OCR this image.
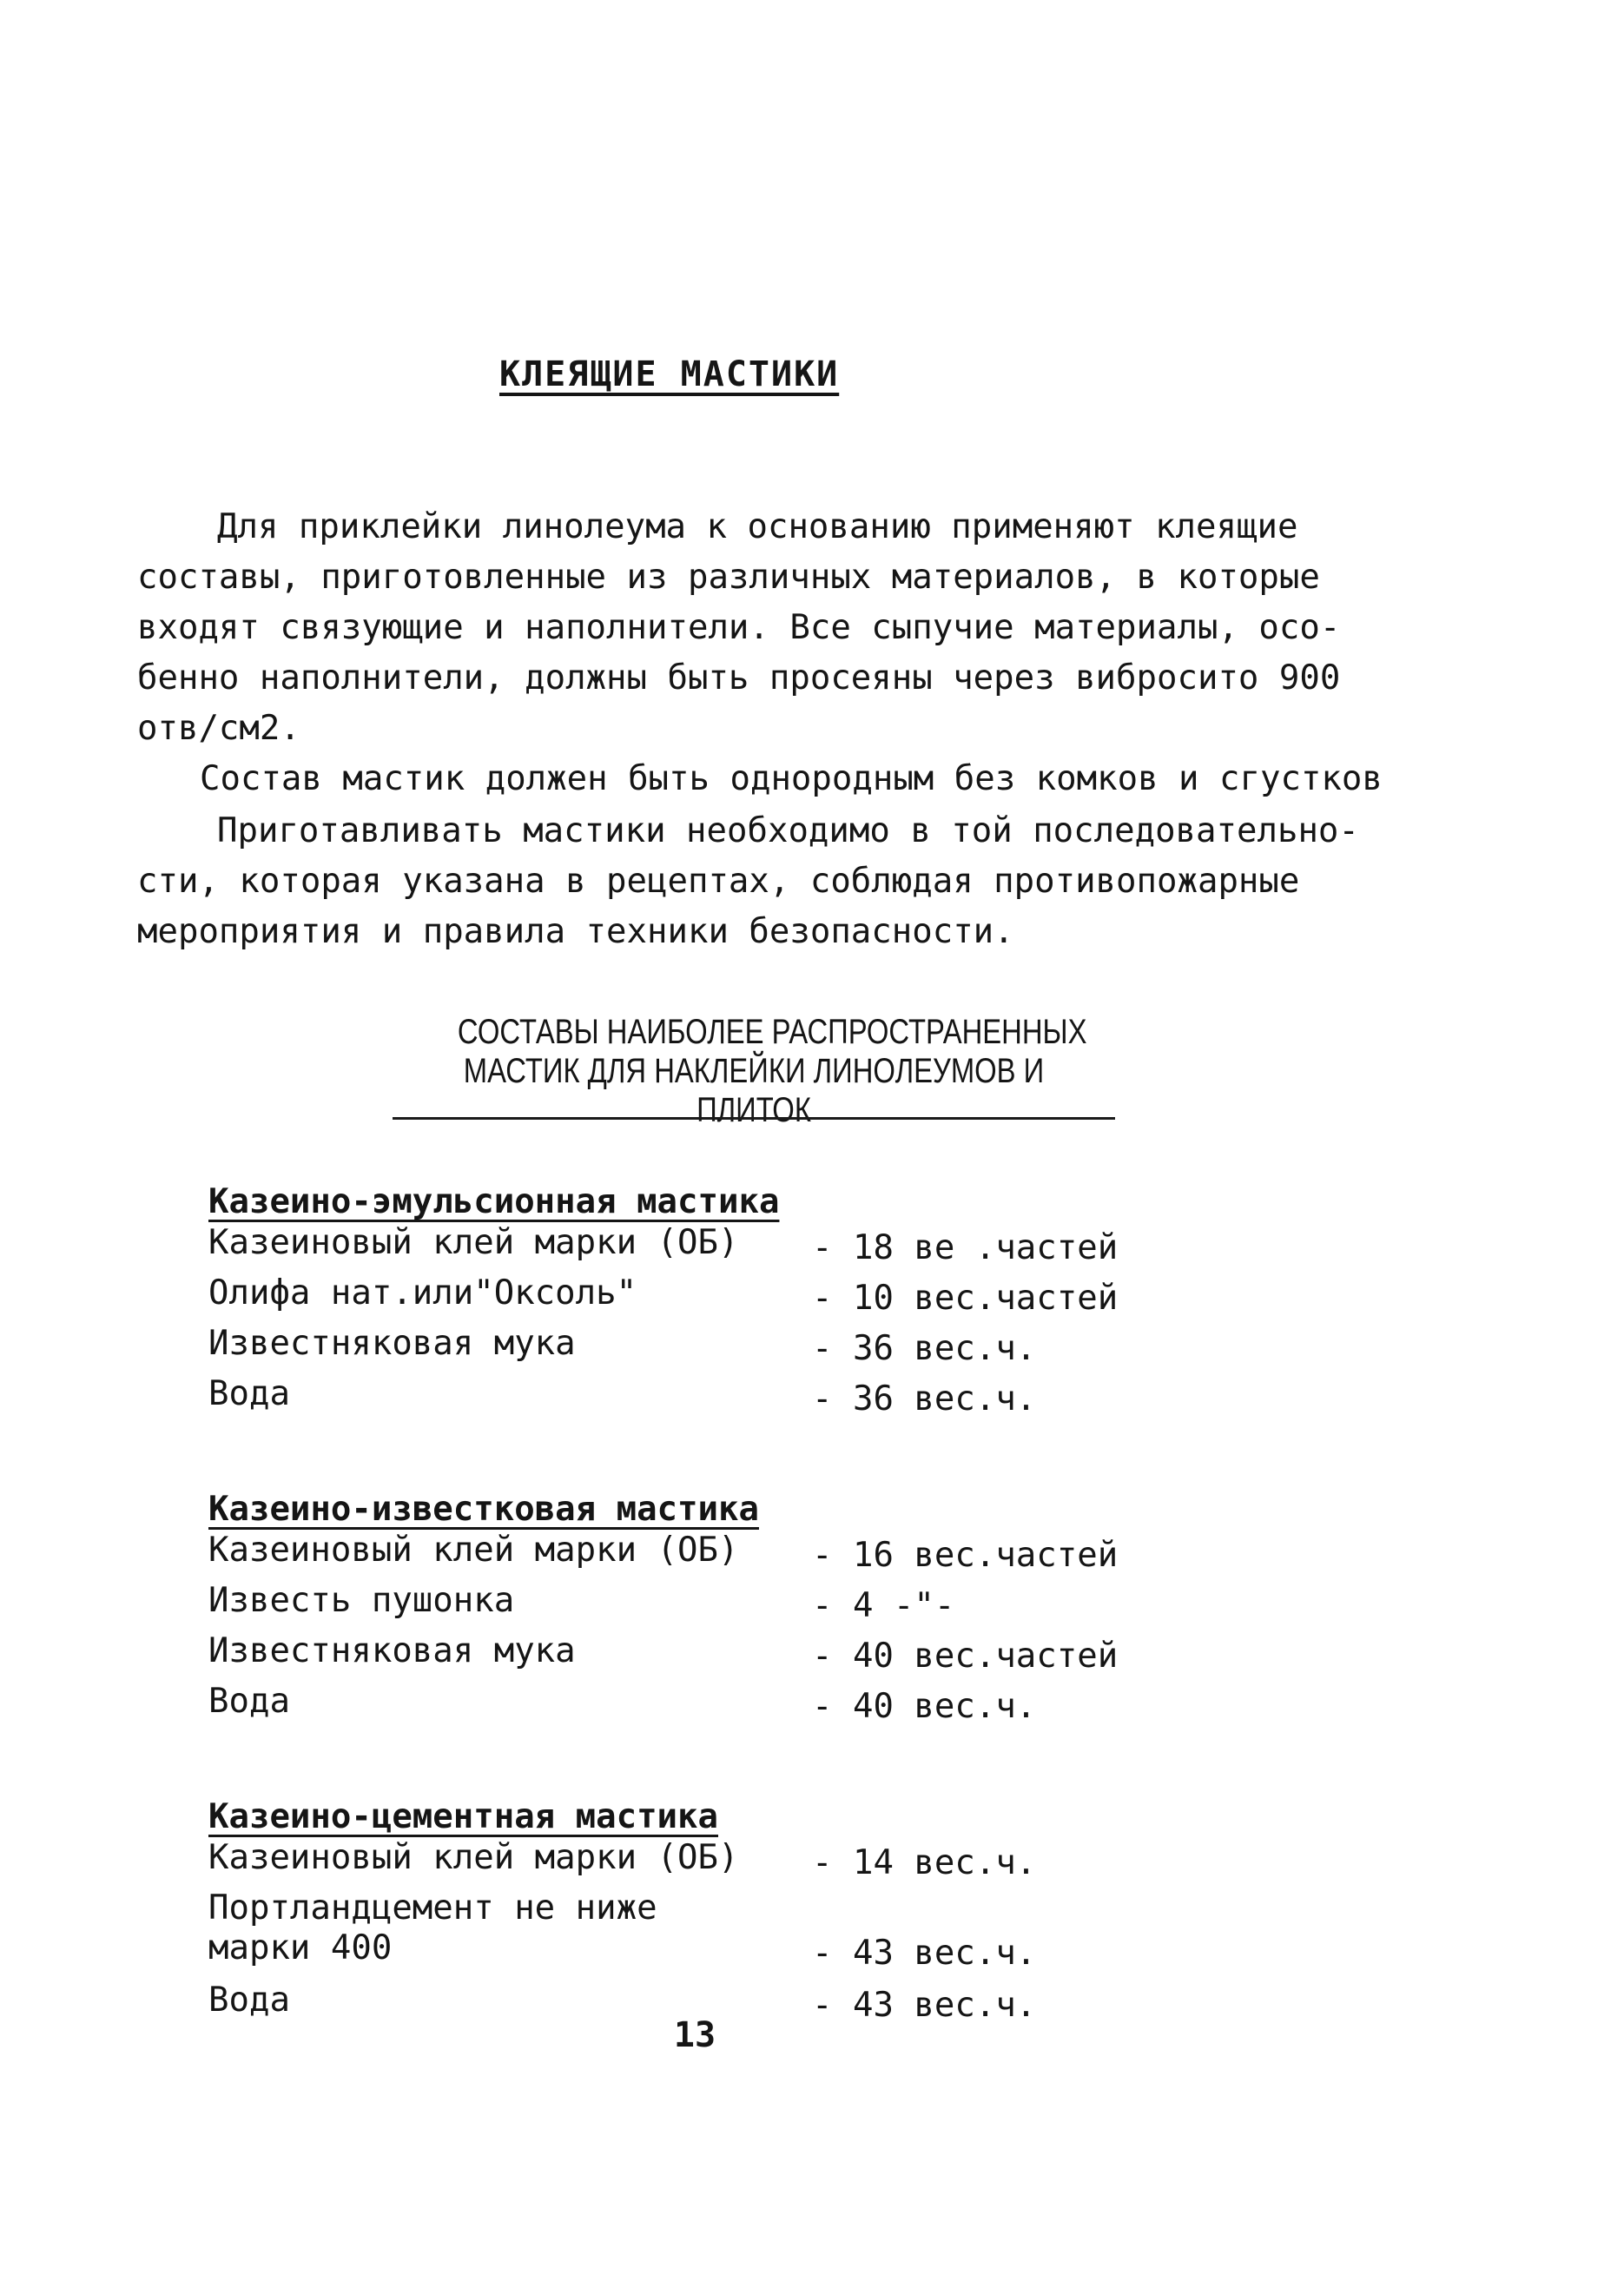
КЛЕЯЩИЕ МАСТИКИ
Для приклейки линолеума к основанию применяют клеящие
составы, приготовленные из различных материалов, в которые
входят связующие и наполнители. Все сыпучие материалы, осо-
бенно наполнители, должны быть просеяны через вибросито 900
отв/см2.
Состав мастик должен быть однородным без комков и сгустков
Приготавливать мастики необходимо в той последовательно-
сти, которая указана в рецептах, соблюдая противопожарные
мероприятия и правила техники безопасности.
СОСТАВЫ НАИБОЛЕЕ РАСПРОСТРАНЕННЫХ
МАСТИК ДЛЯ НАКЛЕЙКИ ЛИНОЛЕУМОВ И
ПЛИТОК
Казеино-эмульсионная мастика
Казеиновый клей марки (ОБ) - 18 ве .частей
Олифа нат.или"Оксоль"	- 10 вес.частей
Известняковая мука	- 36 вес.ч.
Вода	- 36 вес.ч.
Казеино-известковая мастика
Казеиновый клей марки (ОБ) - 16 вес.частей
Известь пушонка	- 4 -"-
Известняковая мука	- 40 вес.частей
Вода	- 40 вес.ч.
Казеино-цементная мастика
Казеиновый клей марки (ОБ) - 14 вес.ч.
Портландцемент не ниже
марки 400	- 43 вес.ч.
Вода	- 43 вес.ч.
13
